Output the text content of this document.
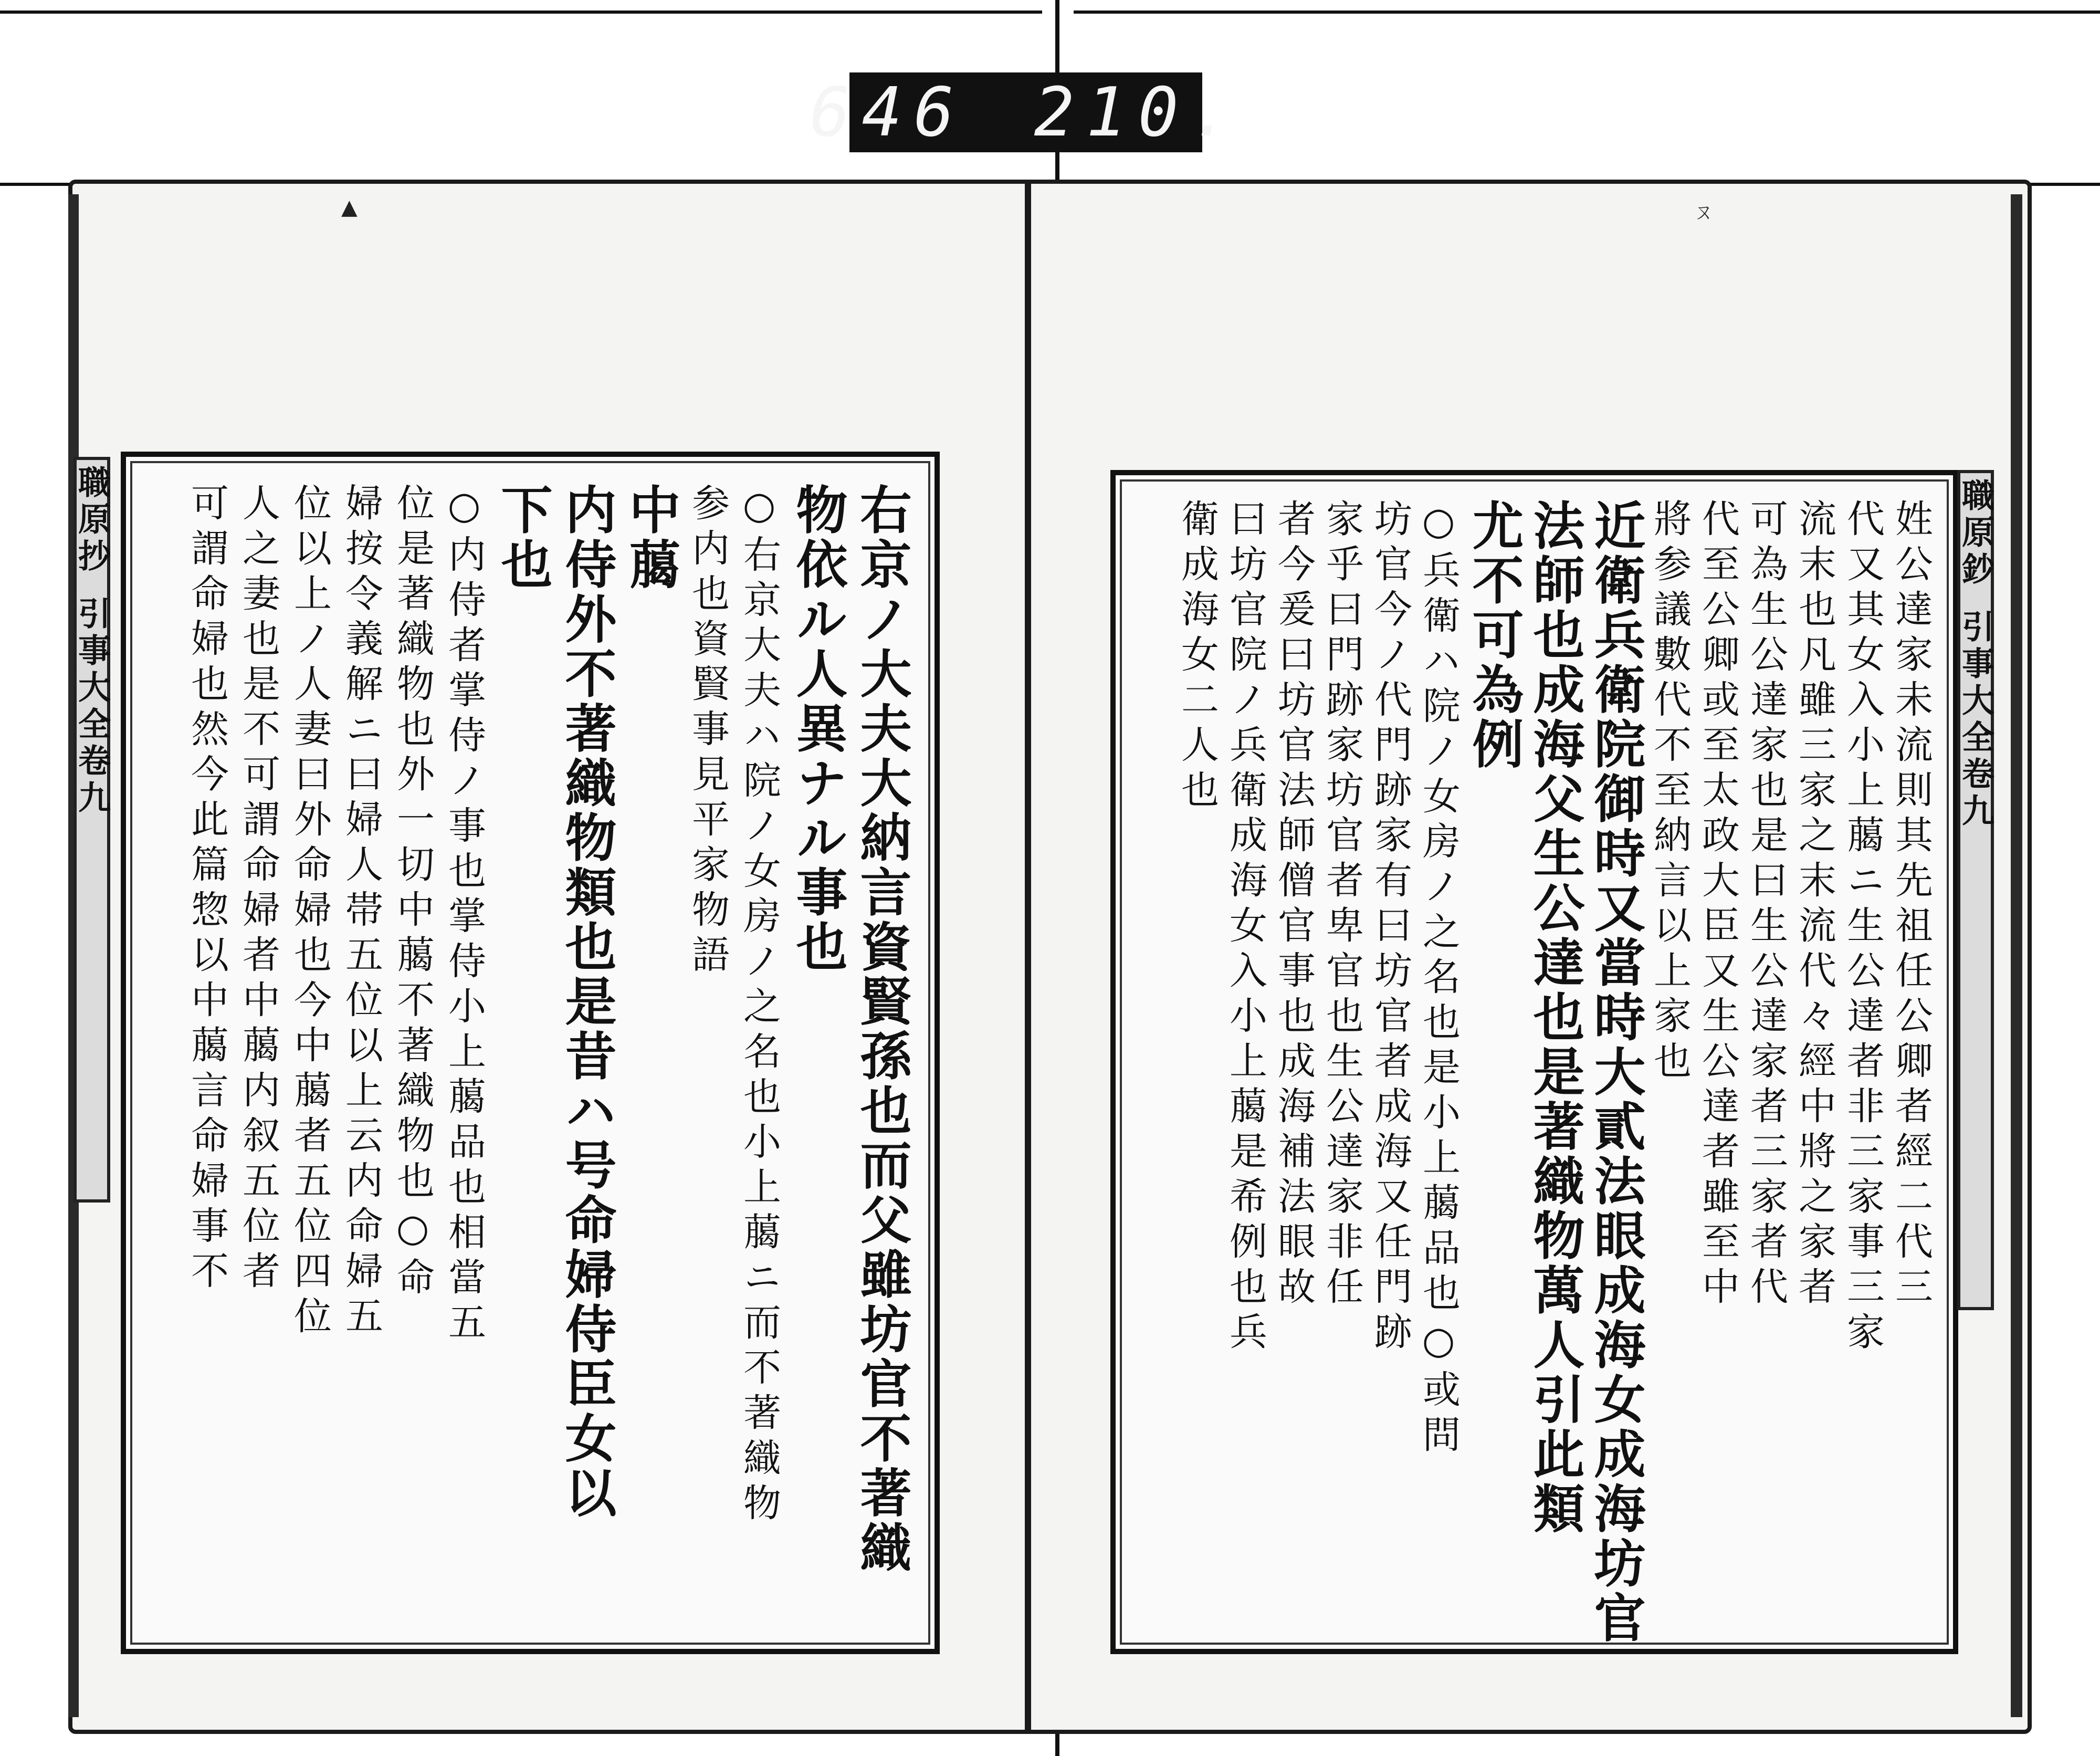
646 210.
▲	ㄡ
職原抄
引事大全卷九	右京ノ大夫大納言資賢孫也而父雖坊官不著織
物依ル人異ナル事也
○右京大夫ハ院ノ女房ノ之名也小上﨟ニ而不著織物
参内也資賢事見平家物語
中﨟
内侍外不著織物類也是昔ハ号命婦侍臣女以
下也
○内侍者掌侍ノ事也掌侍小上﨟品也相當五
位是著織物也外一切中﨟不著織物也○命
婦按令義解ニ曰婦人帯五位以上云内命婦五
位以上ノ人妻曰外命婦也今中﨟者五位四位
人之妻也是不可謂命婦者中﨟内叙五位者
可謂命婦也然今此篇惣以中﨟言命婦事不	職原鈔
引事大全卷九
姓公達家未流則其先祖任公卿者經二代三
代又其女入小上﨟ニ生公達者非三家事三家
流末也凡雖三家之末流代々經中將之家者
可為生公達家也是曰生公達家者三家者代
代至公卿或至太政大臣又生公達者雖至中
將参議數代不至納言以上家也
近衛兵衛院御時又當時大貳法眼成海女成海坊官
法師也成海父生公達也是著織物萬人引此類
尤不可為例
○兵衛ハ院ノ女房ノ之名也是小上﨟品也○或問
坊官今ノ代門跡家有曰坊官者成海又任門跡
家乎曰門跡家坊官者卑官也生公達家非任
者今爰曰坊官法師僧官事也成海補法眼故
曰坊官院ノ兵衛成海女入小上﨟是希例也兵
衛成海女二人也
